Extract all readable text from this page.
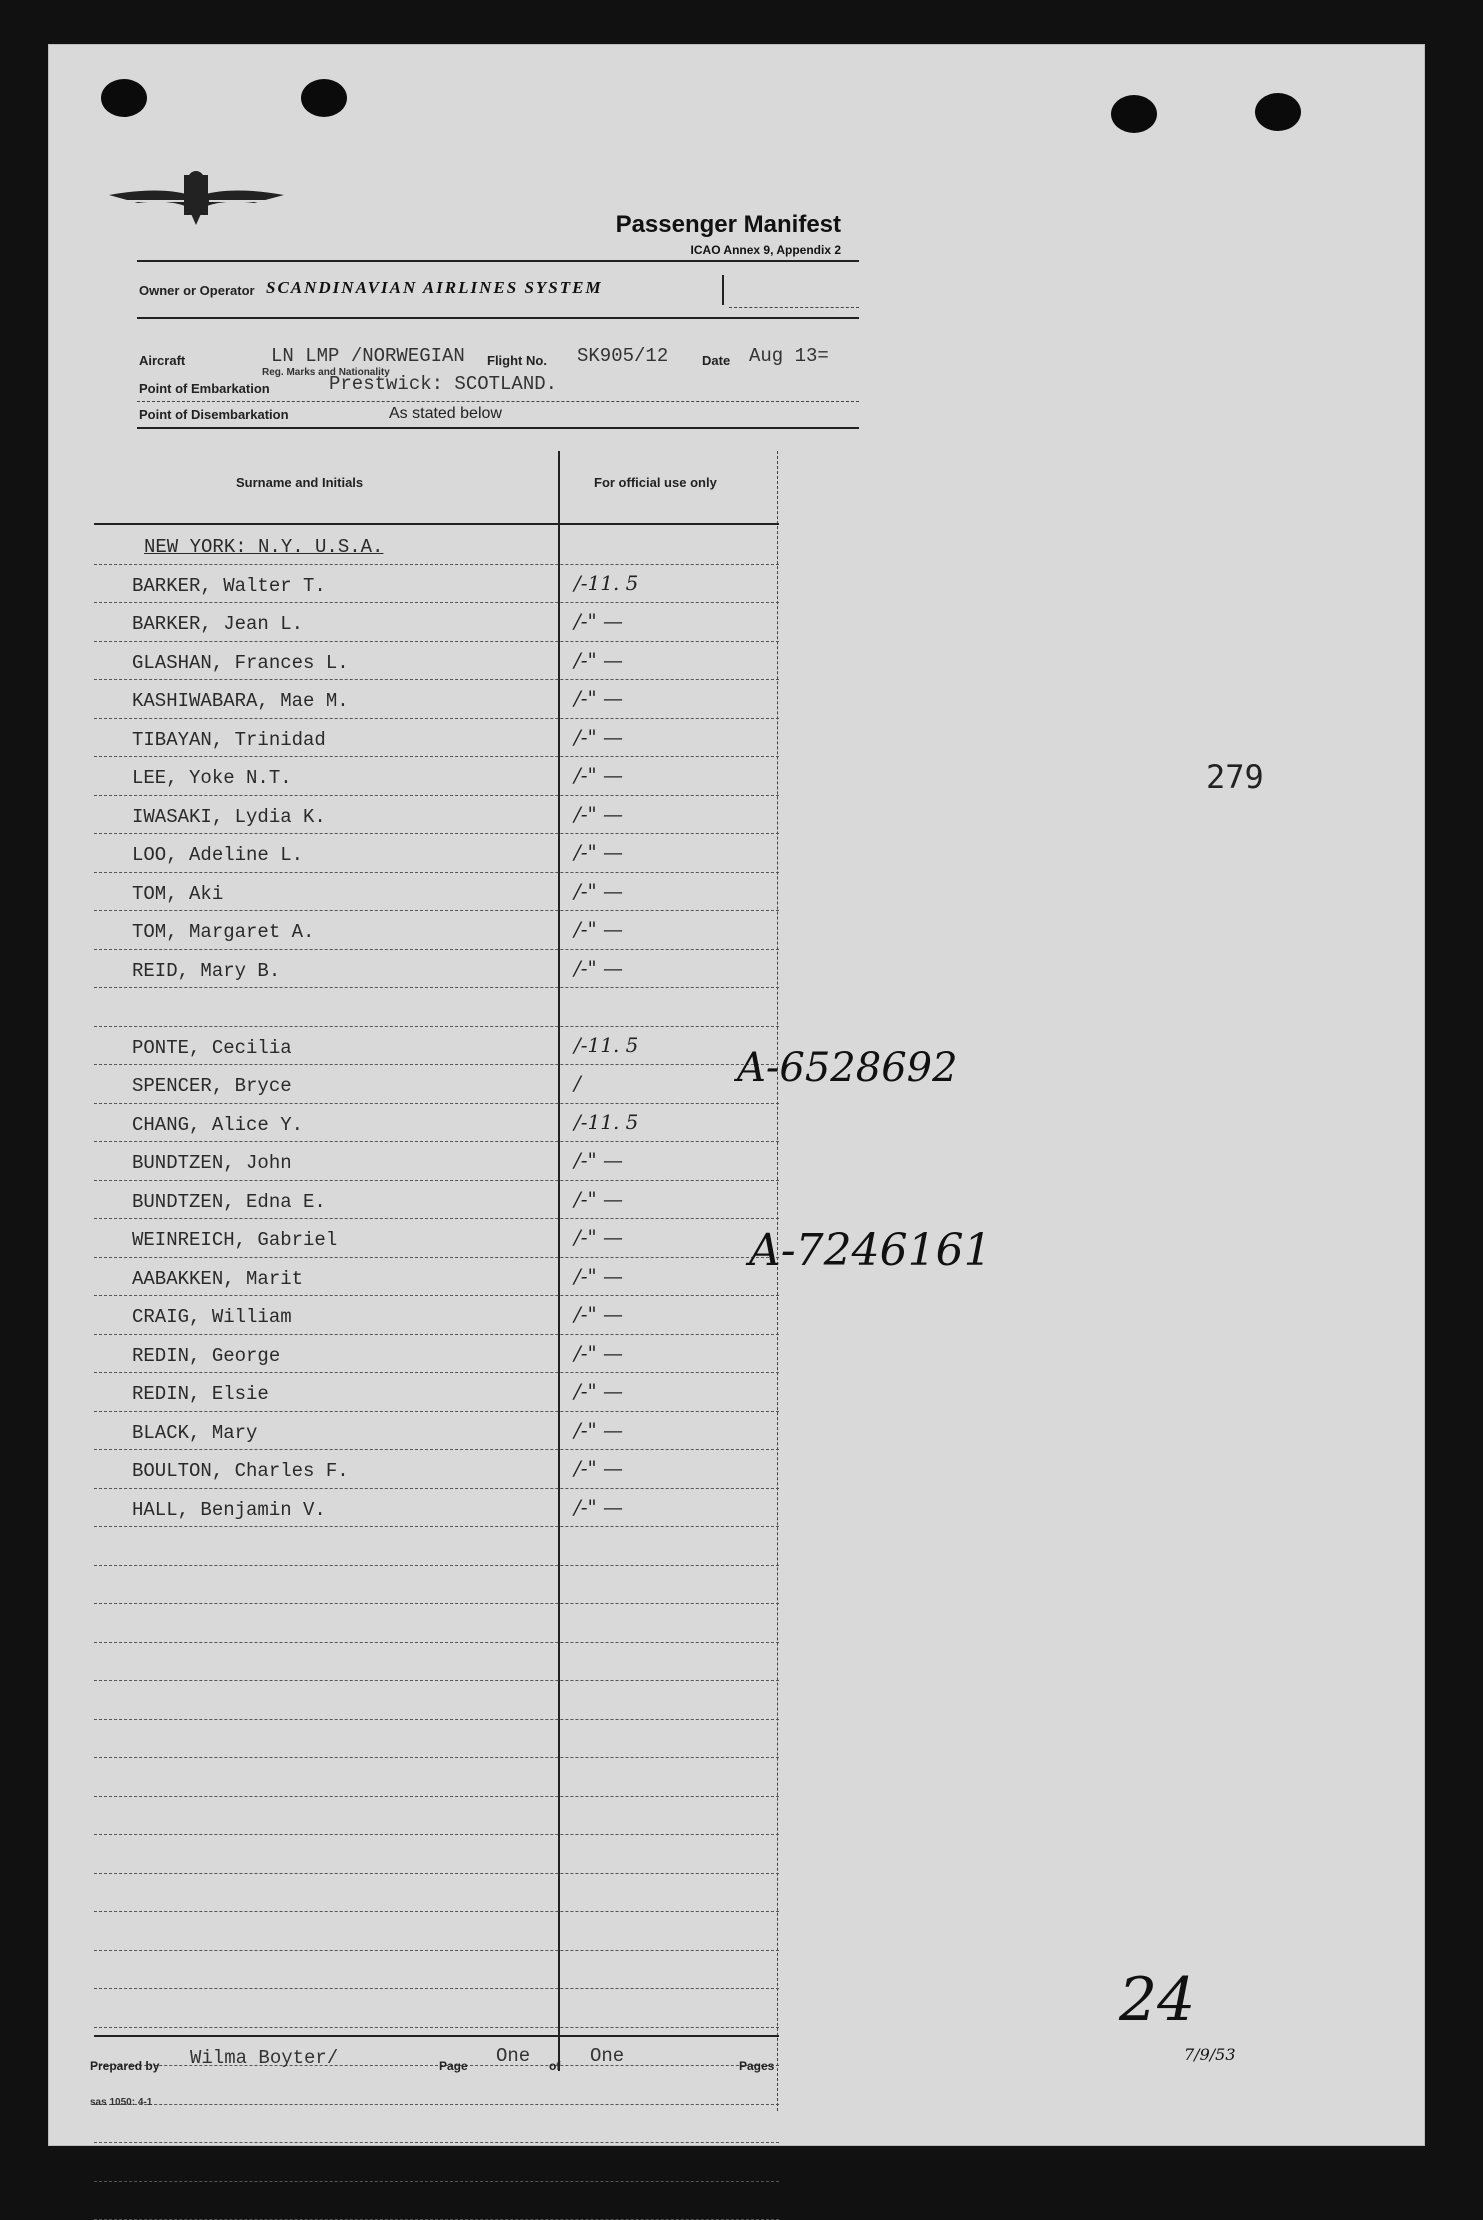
Passenger Manifest
ICAO Annex 9, Appendix 2
Owner or Operator SCANDINAVIAN AIRLINES SYSTEM
Aircraft	LN LMP /NORWEGIAN
Reg. Marks and Nationality
Flight No. SK905/12	Date Aug 13=
Point of Embarkation	Prestwick: SCOTLAND.
Point of Disembarkation	As stated below
Surname and Initials	For official use only
NEW YORK: N.Y. U.S.A.
BARKER, Walter T.	/-11. 5
BARKER, Jean L.	/-" —
GLASHAN, Frances L.	/-" —
KASHIWABARA, Mae M.	/-" —
TIBAYAN, Trinidad	/-" —
LEE, Yoke N.T.	/-" —
IWASAKI, Lydia K.	/-" —
LOO, Adeline L.	/-" —
TOM, Aki	/-" —
TOM, Margaret A.	/-" —
REID, Mary B.	/-" —
PONTE, Cecilia	/-11. 5
SPENCER, Bryce	/
CHANG, Alice Y.	/-11. 5
BUNDTZEN, John	/-" —
BUNDTZEN, Edna E.	/-" —
WEINREICH, Gabriel	/-" —
AABAKKEN, Marit	/-" —
CRAIG, William	/-" —
REDIN, George	/-" —
REDIN, Elsie	/-" —
BLACK, Mary	/-" —
BOULTON, Charles F.	/-" —
HALL, Benjamin V.	/-" —
Prepared by Wilma Boyter/	Page One of One	Pages
sas 1050: 4-1
279
A-6528692
A-7246161
24
7/9/53
